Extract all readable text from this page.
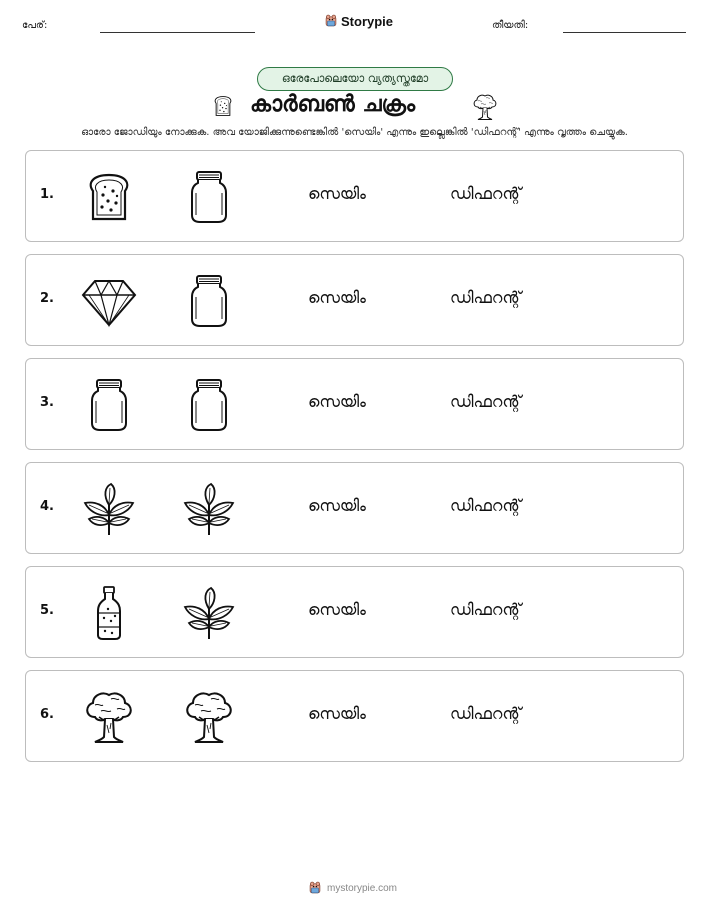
പേര്:	Storypie	തീയതി:
ഒരേപോലെയോ വ്യത്യസ്തമോ
കാർബൺ ചക്രം
ഓരോ ജോഡിയും നോക്കുക. അവ യോജിക്കുന്നുണ്ടെങ്കിൽ 'സെയിം' എന്നും ഇല്ലെങ്കിൽ 'ഡിഫറന്റ്' എന്നും വൃത്തം ചെയ്യുക.
1.	സെയിം	ഡിഫറന്റ്
2.	സെയിം	ഡിഫറന്റ്
3.	സെയിം	ഡിഫറന്റ്
4.	സെയിം	ഡിഫറന്റ്
5.	സെയിം	ഡിഫറന്റ്
6.	സെയിം	ഡിഫറന്റ്
mystorypie.com
